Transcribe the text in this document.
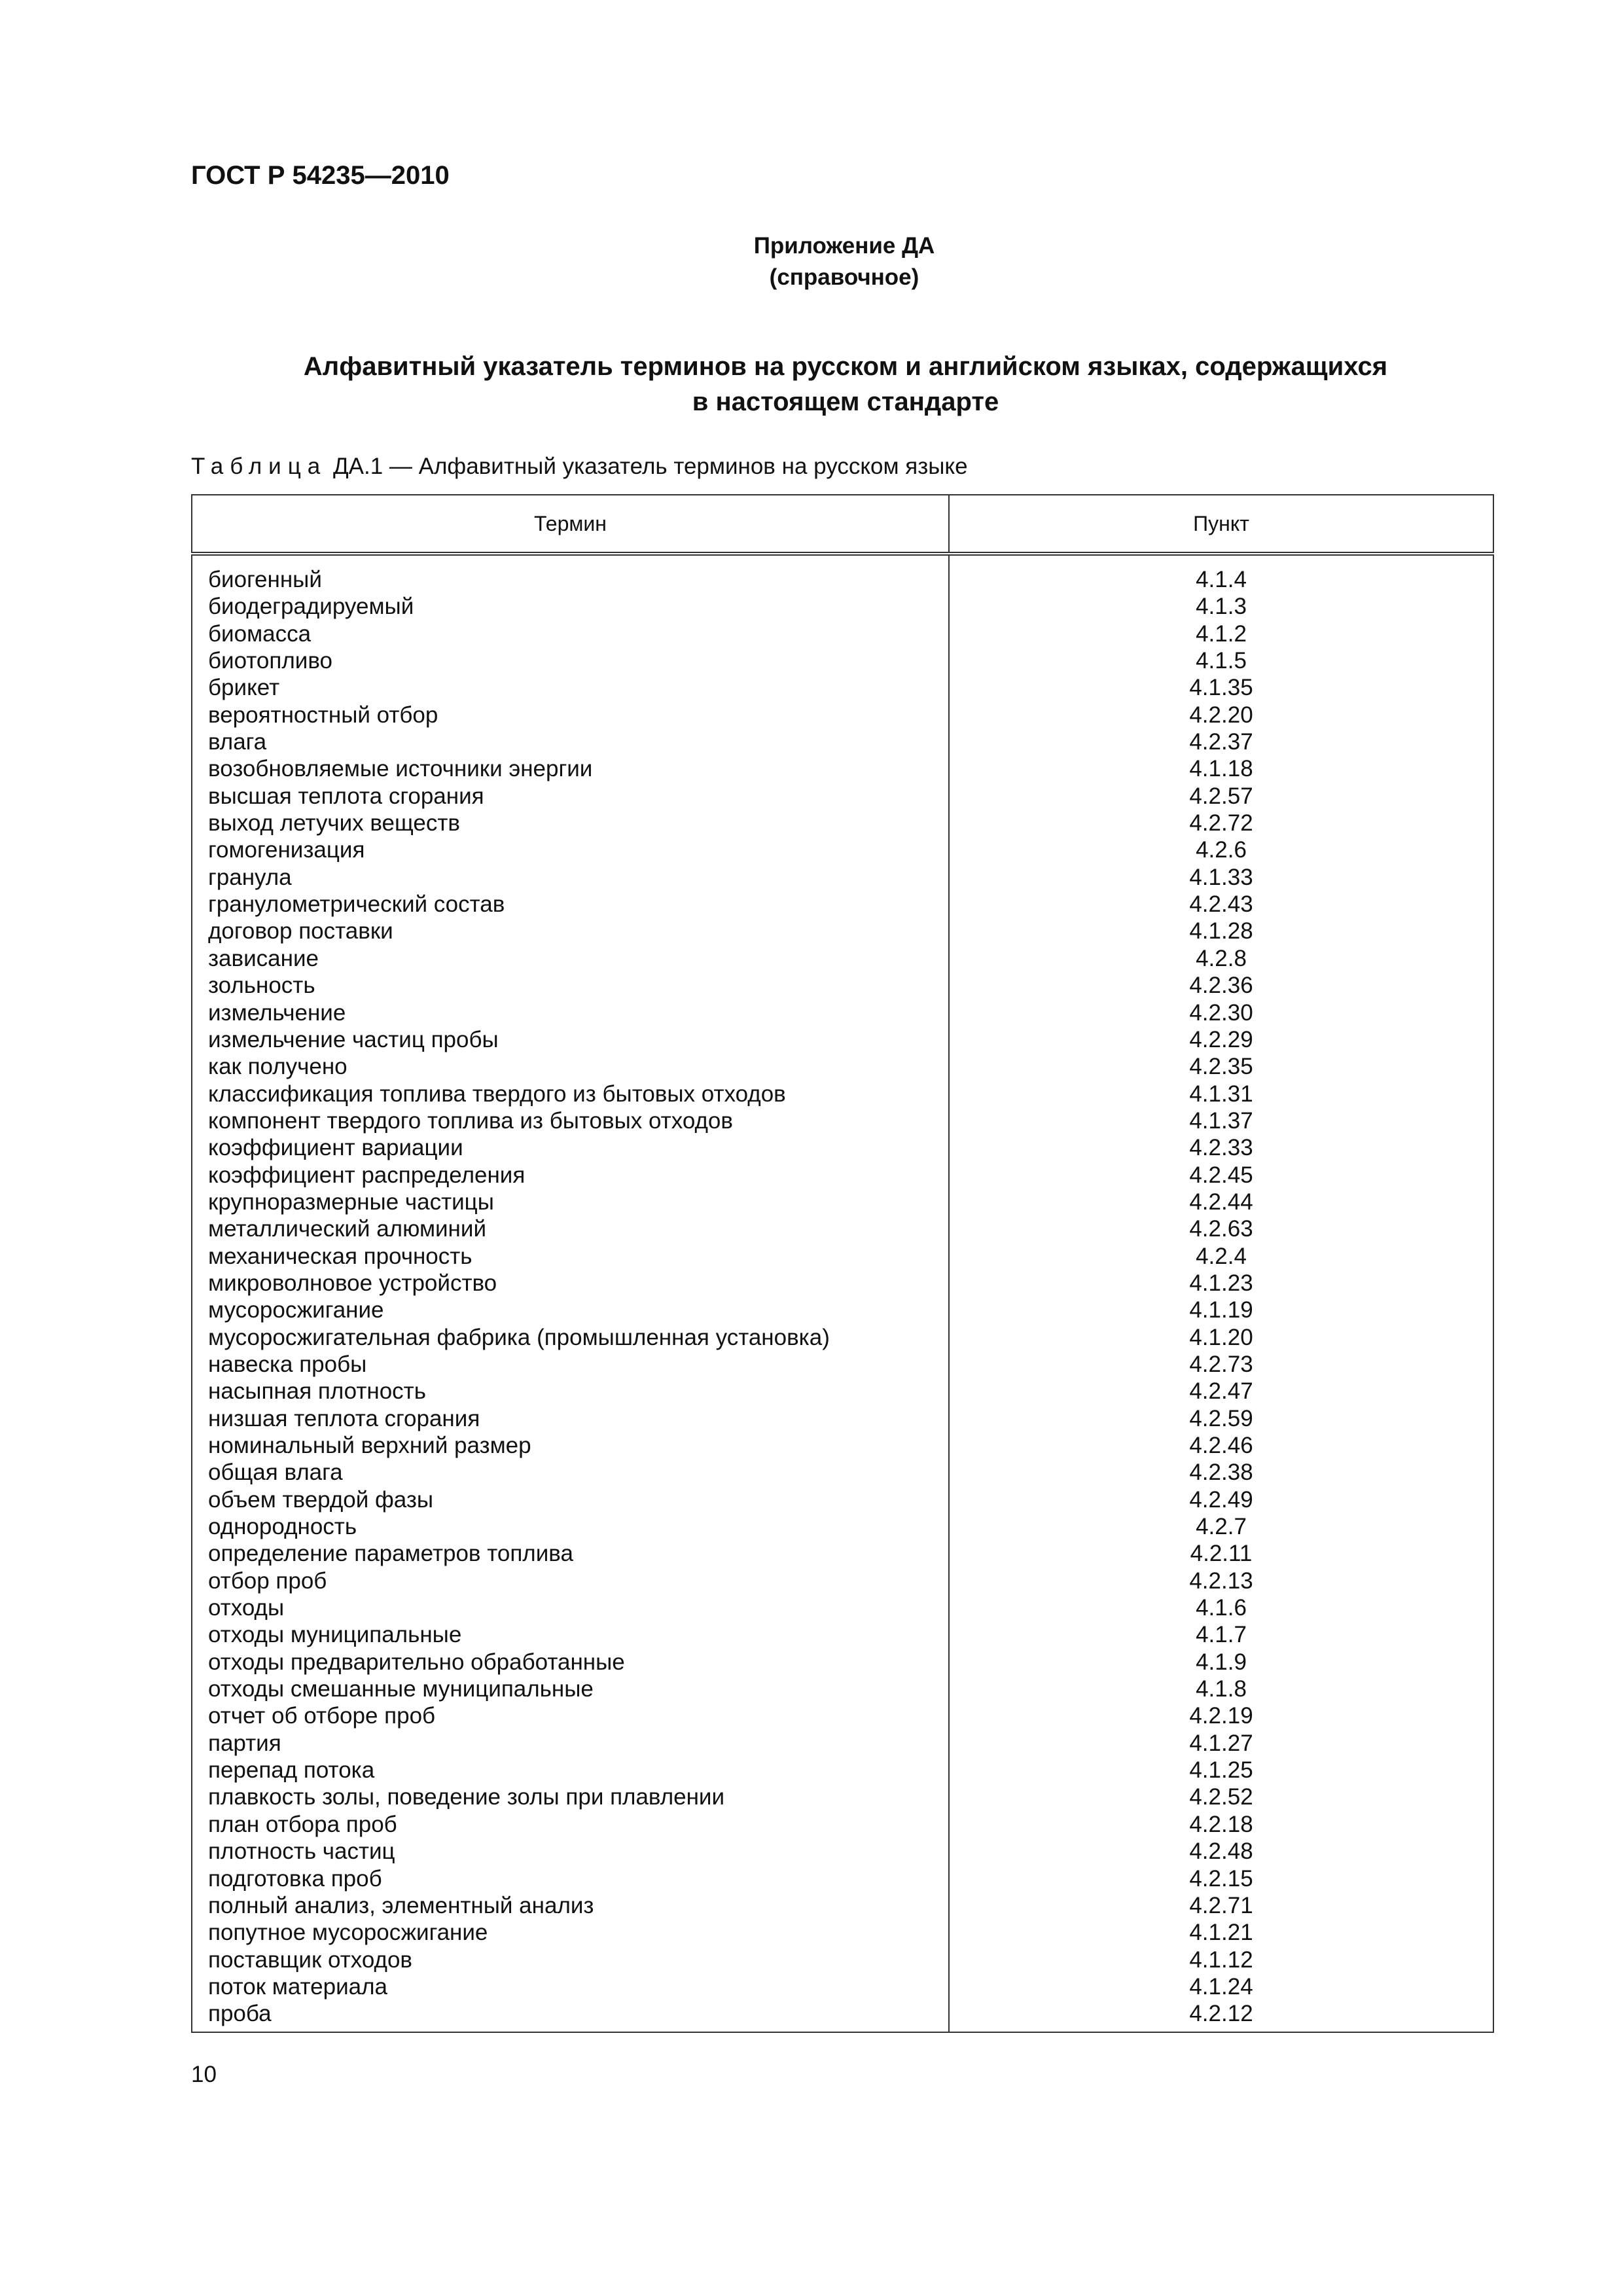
ГОСТ Р 54235—2010
Приложение ДА
(справочное)
Алфавитный указатель терминов на русском и английском языках, содержащихся
в настоящем стандарте
Таблица ДА.1 — Алфавитный указатель терминов на русском языке
Термин	Пункт
биогенный	4.1.4
биодеградируемый	4.1.3
биомасса	4.1.2
биотопливо	4.1.5
брикет	4.1.35
вероятностный отбор	4.2.20
влага	4.2.37
возобновляемые источники энергии	4.1.18
высшая теплота сгорания	4.2.57
выход летучих веществ	4.2.72
гомогенизация	4.2.6
гранула	4.1.33
гранулометрический состав	4.2.43
договор поставки	4.1.28
зависание	4.2.8
зольность	4.2.36
измельчение	4.2.30
измельчение частиц пробы	4.2.29
как получено	4.2.35
классификация топлива твердого из бытовых отходов	4.1.31
компонент твердого топлива из бытовых отходов	4.1.37
коэффициент вариации	4.2.33
коэффициент распределения	4.2.45
крупноразмерные частицы	4.2.44
металлический алюминий	4.2.63
механическая прочность	4.2.4
микроволновое устройство	4.1.23
мусоросжигание	4.1.19
мусоросжигательная фабрика (промышленная установка)	4.1.20
навеска пробы	4.2.73
насыпная плотность	4.2.47
низшая теплота сгорания	4.2.59
номинальный верхний размер	4.2.46
общая влага	4.2.38
объем твердой фазы	4.2.49
однородность	4.2.7
определение параметров топлива	4.2.11
отбор проб	4.2.13
отходы	4.1.6
отходы муниципальные	4.1.7
отходы предварительно обработанные	4.1.9
отходы смешанные муниципальные	4.1.8
отчет об отборе проб	4.2.19
партия	4.1.27
перепад потока	4.1.25
плавкость золы, поведение золы при плавлении	4.2.52
план отбора проб	4.2.18
плотность частиц	4.2.48
подготовка проб	4.2.15
полный анализ, элементный анализ	4.2.71
попутное мусоросжигание	4.1.21
поставщик отходов	4.1.12
поток материала	4.1.24
проба	4.2.12
10
